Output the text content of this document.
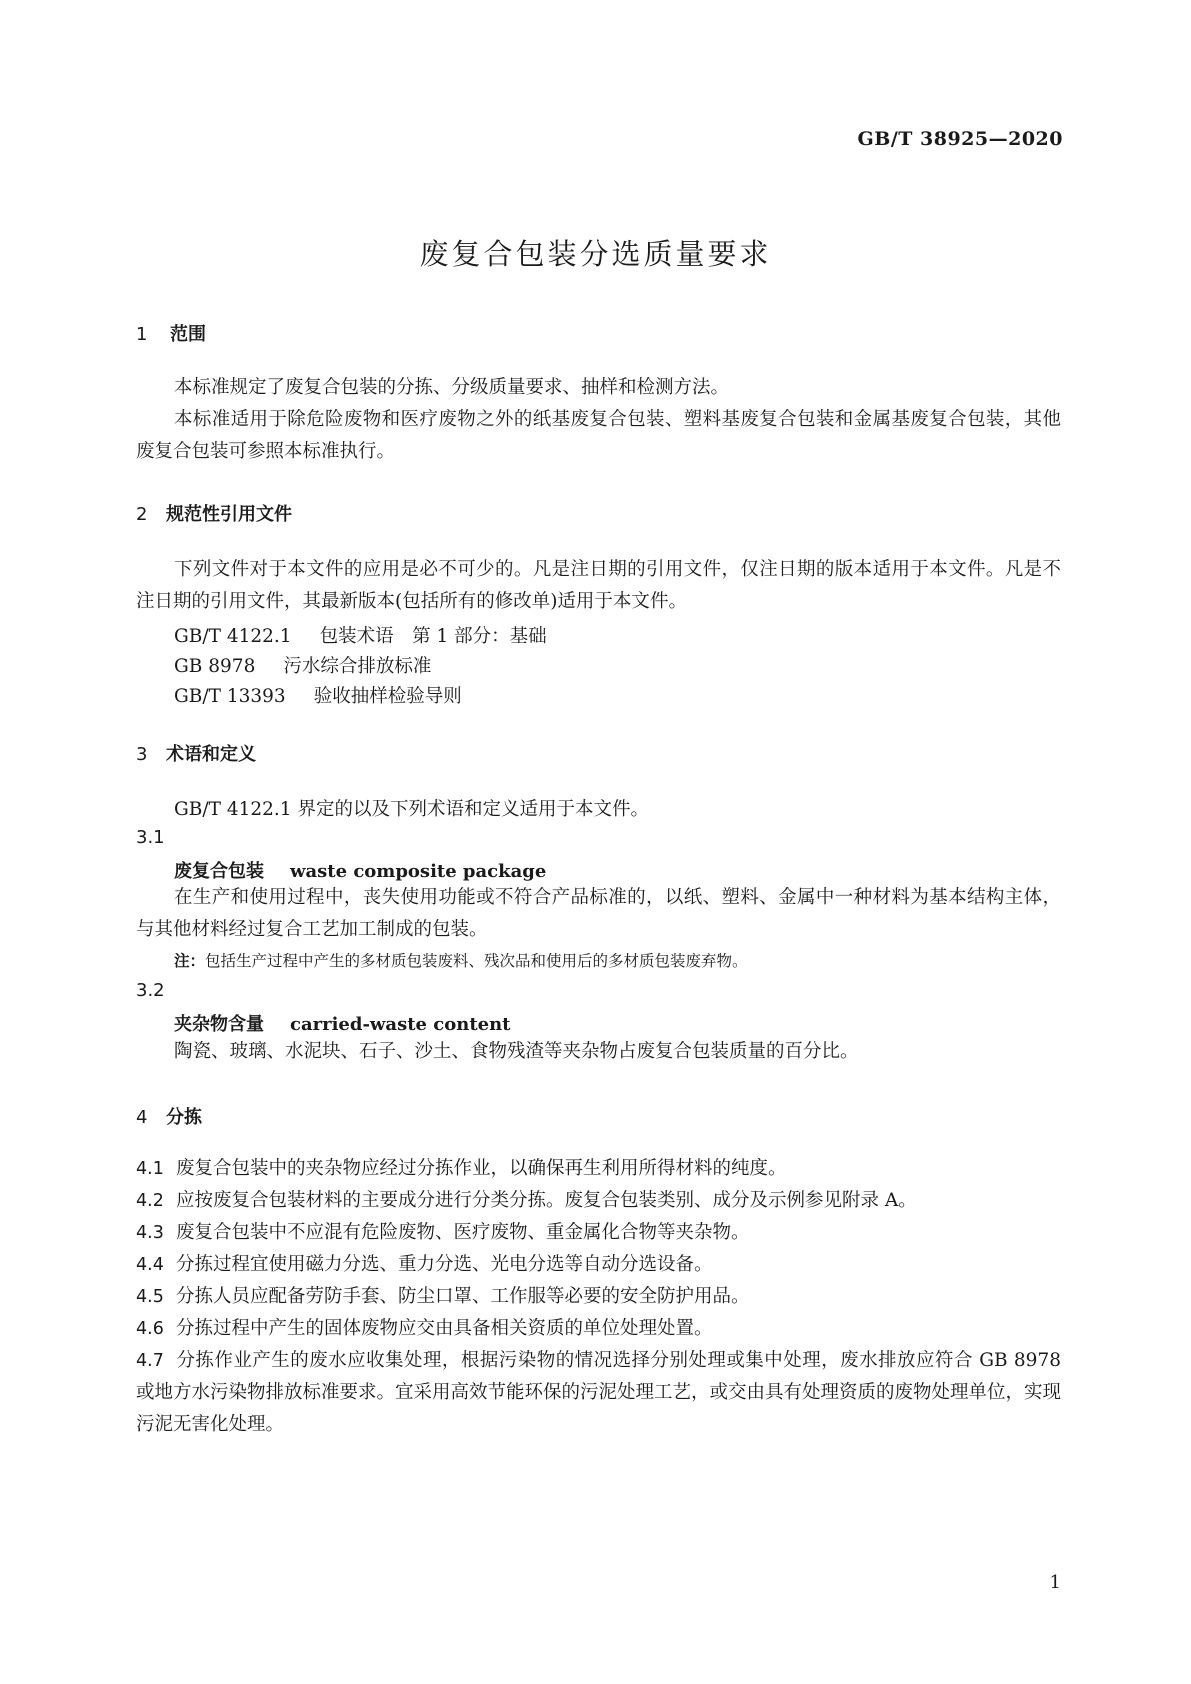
GB/T 38925—2020
废复合包装分选质量要求
1 范围
本标准规定了废复合包装的分拣、分级质量要求、抽样和检测方法。
本标准适用于除危险废物和医疗废物之外的纸基废复合包装、塑料基废复合包装和金属基废复合包装，其他废复合包装可参照本标准执行。
2 规范性引用文件
下列文件对于本文件的应用是必不可少的。凡是注日期的引用文件，仅注日期的版本适用于本文件。凡是不注日期的引用文件，其最新版本(包括所有的修改单)适用于本文件。
GB/T 4122.1 包装术语　第 1 部分：基础
GB 8978 污水综合排放标准
GB/T 13393 验收抽样检验导则
3 术语和定义
GB/T 4122.1 界定的以及下列术语和定义适用于本文件。
3.1
废复合包装 waste composite package
在生产和使用过程中，丧失使用功能或不符合产品标准的，以纸、塑料、金属中一种材料为基本结构主体，与其他材料经过复合工艺加工制成的包装。
注：包括生产过程中产生的多材质包装废料、残次品和使用后的多材质包装废弃物。
3.2
夹杂物含量 carried-waste content
陶瓷、玻璃、水泥块、石子、沙土、食物残渣等夹杂物占废复合包装质量的百分比。
4 分拣
4.1 废复合包装中的夹杂物应经过分拣作业，以确保再生利用所得材料的纯度。
4.2 应按废复合包装材料的主要成分进行分类分拣。废复合包装类别、成分及示例参见附录 A。
4.3 废复合包装中不应混有危险废物、医疗废物、重金属化合物等夹杂物。
4.4 分拣过程宜使用磁力分选、重力分选、光电分选等自动分选设备。
4.5 分拣人员应配备劳防手套、防尘口罩、工作服等必要的安全防护用品。
4.6 分拣过程中产生的固体废物应交由具备相关资质的单位处理处置。
4.7 分拣作业产生的废水应收集处理，根据污染物的情况选择分别处理或集中处理，废水排放应符合 GB 8978 或地方水污染物排放标准要求。宜采用高效节能环保的污泥处理工艺，或交由具有处理资质的废物处理单位，实现污泥无害化处理。
1
